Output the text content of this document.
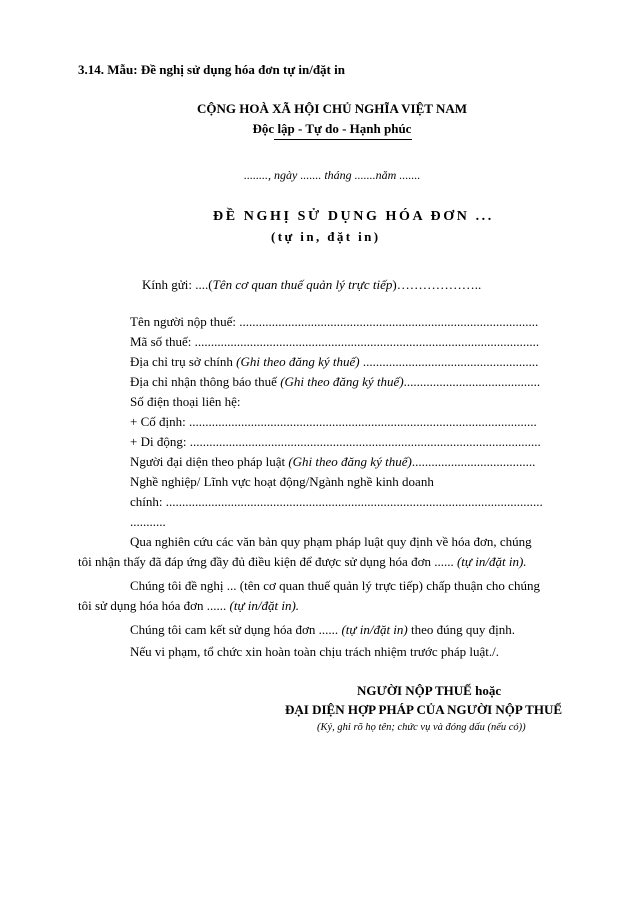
3.14. Mẫu: Đề nghị sử dụng hóa đơn tự in/đặt in
CỘNG HOÀ XÃ HỘI CHỦ NGHĨA VIỆT NAM
Độc lập - Tự do - Hạnh phúc
........, ngày ....... tháng .......năm .......
ĐỀ NGHỊ SỬ DỤNG HÓA ĐƠN ...
(tự in, đặt in)
Kính gửi: ....(Tên cơ quan thuế quản lý trực tiếp)………………..
Tên người nộp thuế: ............................................................................................
Mã số thuế: ..........................................................................................................
Địa chỉ trụ sở chính (Ghi theo đăng ký thuế) ......................................................
Địa chỉ nhận thông báo thuế (Ghi theo đăng ký thuế)..........................................
Số điện thoại liên hệ:
+ Cố định: ...........................................................................................................
+ Di động: ............................................................................................................
Người đại diện theo pháp luật (Ghi theo đăng ký thuế)......................................
Nghề nghiệp/ Lĩnh vực hoạt động/Ngành nghề kinh doanh
chính: ....................................................................................................................
...........
Qua nghiên cứu các văn bản quy phạm pháp luật quy định về hóa đơn, chúng
tôi nhận thấy đã đáp ứng đầy đủ điều kiện để được sử dụng hóa đơn ...... (tự in/đặt in).
Chúng tôi đề nghị ... (tên cơ quan thuế quản lý trực tiếp) chấp thuận cho chúng
tôi sử dụng hóa hóa đơn ...... (tự in/đặt in).
Chúng tôi cam kết sử dụng hóa đơn ...... (tự in/đặt in) theo đúng quy định.
Nếu vi phạm, tổ chức xin hoàn toàn chịu trách nhiệm trước pháp luật./.
NGƯỜI NỘP THUẾ hoặc
ĐẠI DIỆN HỢP PHÁP CỦA NGƯỜI NỘP THUẾ
(Ký, ghi rõ họ tên; chức vụ và đóng dấu (nếu có))
